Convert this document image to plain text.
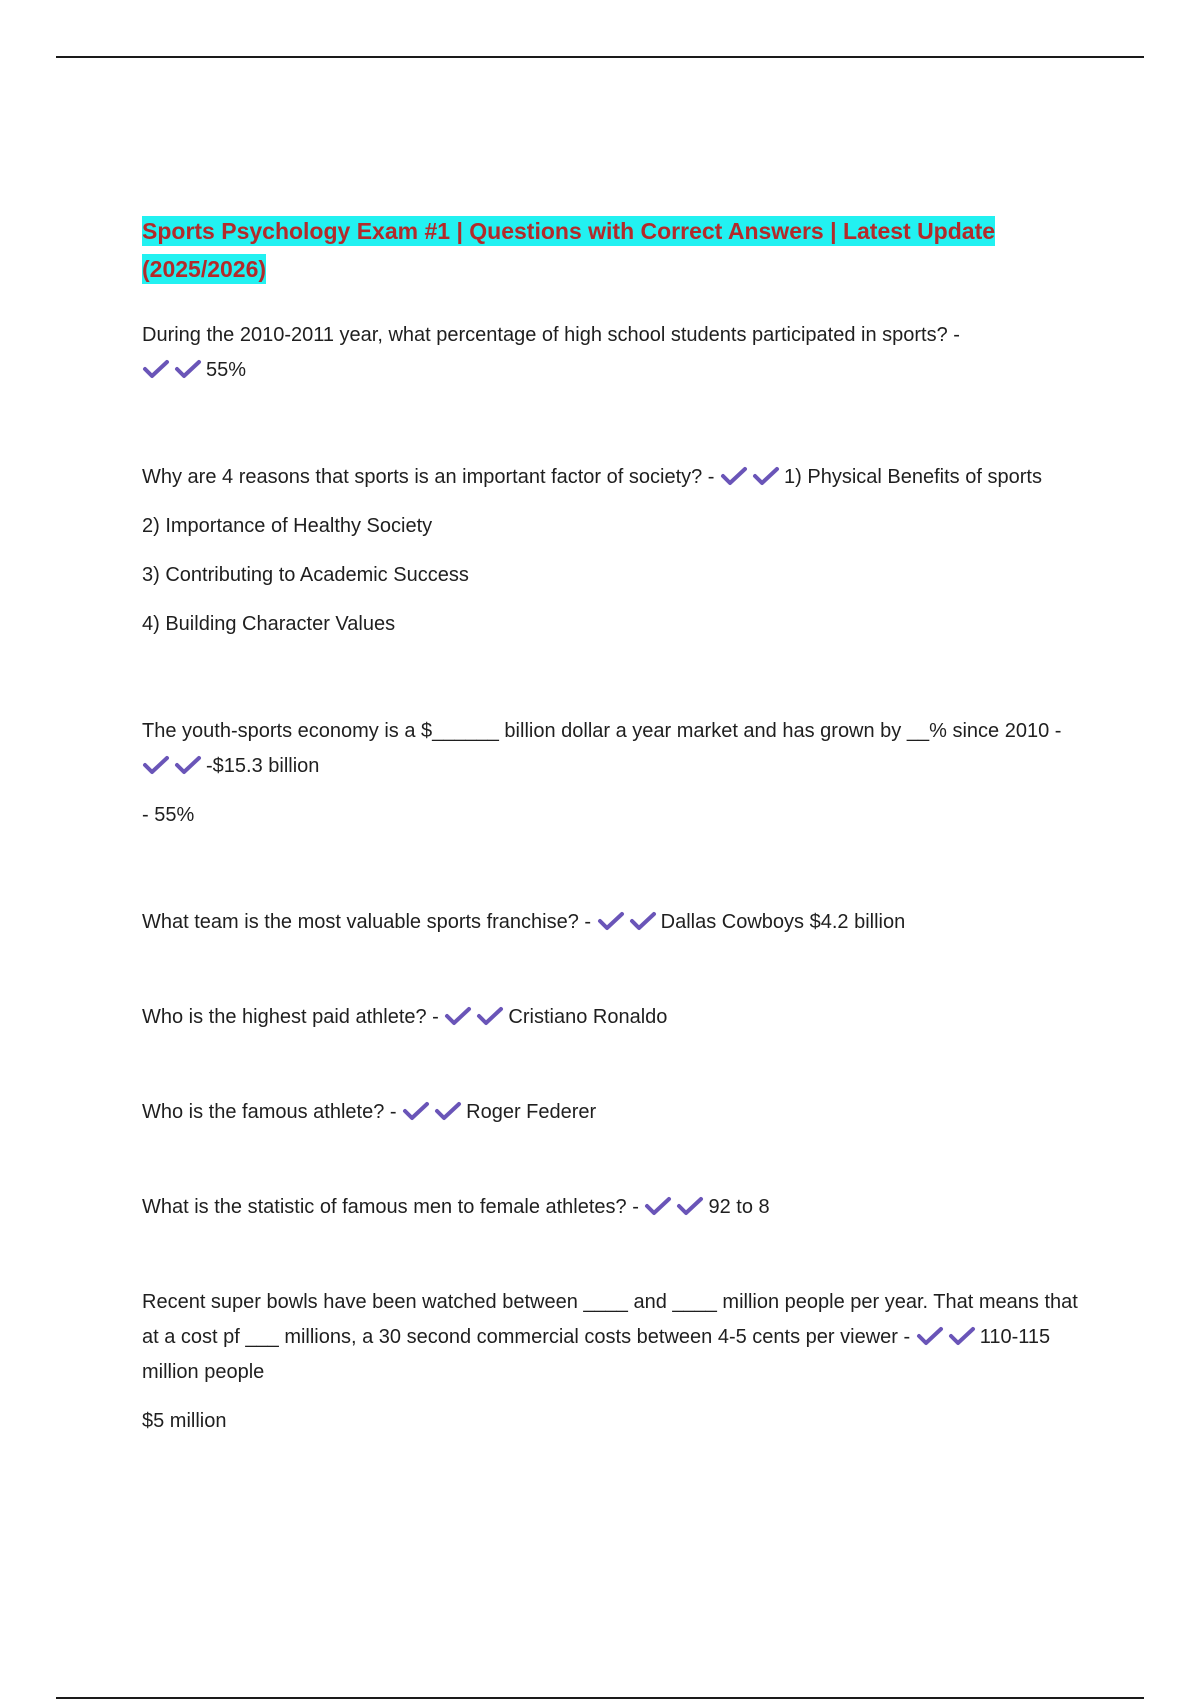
Sports Psychology Exam #1 | Questions with Correct Answers | Latest Update
(2025/2026)

During the 2010-2011 year, what percentage of high school students participated in sports? -

55%

Why are 4 reasons that sports is an important factor of society? -	1) Physical Benefits of sports

2) Importance of Healthy Society

3) Contributing to Academic Success

4) Building Character Values

The youth-sports economy is a $______ billion dollar a year market and has grown by __% since 2010 -
-$15.3 billion

- 55%

What team is the most valuable sports franchise? -	Dallas Cowboys $4.2 billion

Who is the highest paid athlete? -	Cristiano Ronaldo

Who is the famous athlete? -	Roger Federer

What is the statistic of famous men to female athletes? -	92 to 8

Recent super bowls have been watched between ____ and ____ million people per year. That means that at a cost pf ___ millions, a 30 second commercial costs between 4-5 cents per viewer -	110-115 million people

$5 million
